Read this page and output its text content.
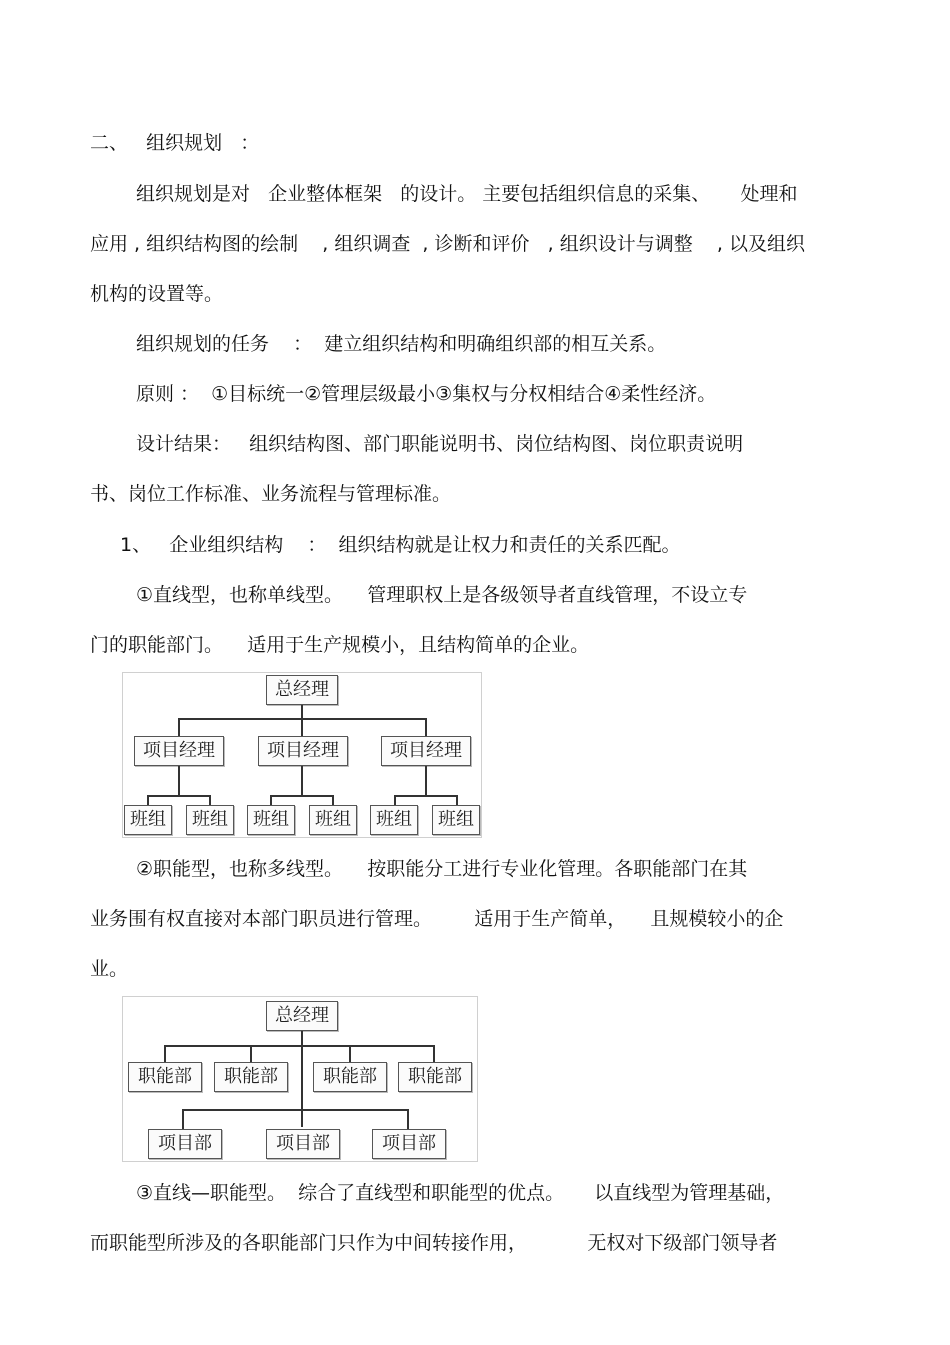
二、   组织规划   ：
组织规划是对   企业整体框架   的设计。 主要包括组织信息的采集、     处理和
应用 , 组织结构图的绘制    , 组织调查  , 诊断和评价   , 组织设计与调整    , 以及组织
机构的设置等。
组织规划的任务    ：  建立组织结构和明确组织部的相互关系。
原则 ：  ①目标统一②管理层级最小③集权与分权相结合④柔性经济。
设计结果：   组织结构图、部门职能说明书、岗位结构图、岗位职责说明
书、岗位工作标准、业务流程与管理标准。
1、   企业组织结构    ：  组织结构就是让权力和责任的关系匹配。
①直线型，也称单线型。    管理职权上是各级领导者直线管理，不设立专
门的职能部门。    适用于生产规模小，且结构简单的企业。
总经理
项目经理	项目经理	项目经理
班组	班组	班组	班组	班组	班组
②职能型，也称多线型。    按职能分工进行专业化管理。各职能部门在其
业务围有权直接对本部门职员进行管理。       适用于生产简单，    且规模较小的企
业。
总经理
职能部	职能部	职能部	职能部
项目部	项目部	项目部
③直线—职能型。  综合了直线型和职能型的优点。     以直线型为管理基础，
而职能型所涉及的各职能部门只作为中间转接作用，          无权对下级部门领导者
